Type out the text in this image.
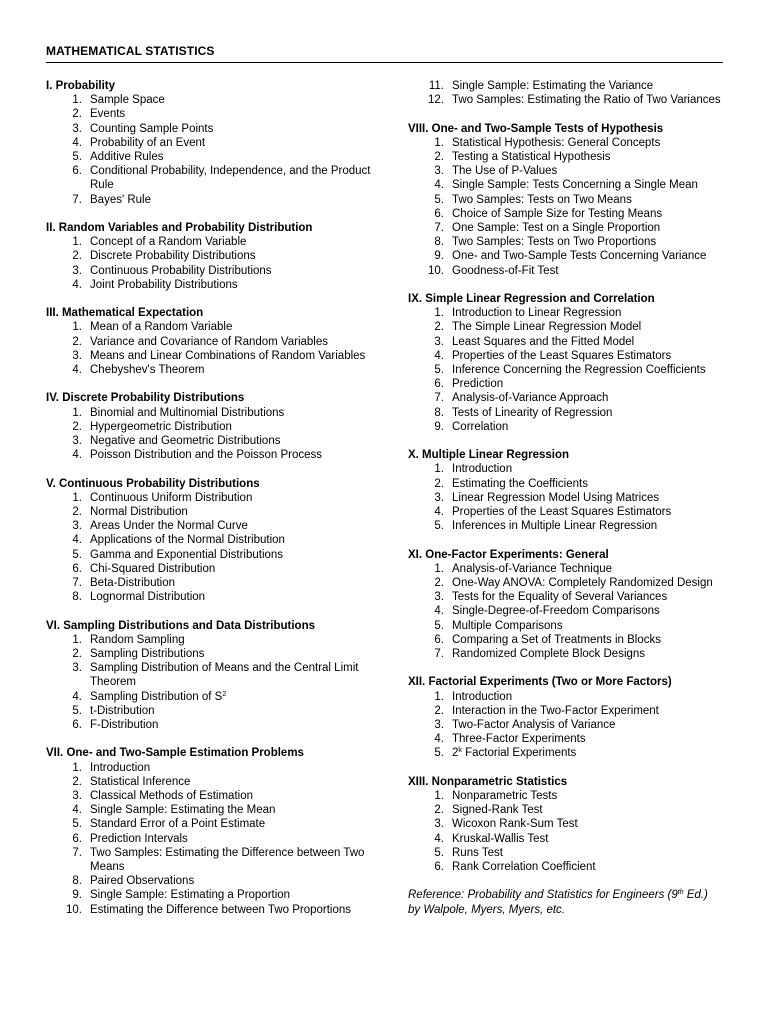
MATHEMATICAL STATISTICS
I. Probability
1. Sample Space
2. Events
3. Counting Sample Points
4. Probability of an Event
5. Additive Rules
6. Conditional Probability, Independence, and the Product Rule
7. Bayes' Rule
II. Random Variables and Probability Distribution
1. Concept of a Random Variable
2. Discrete Probability Distributions
3. Continuous Probability Distributions
4. Joint Probability Distributions
III. Mathematical Expectation
1. Mean of a Random Variable
2. Variance and Covariance of Random Variables
3. Means and Linear Combinations of Random Variables
4. Chebyshev's Theorem
IV. Discrete Probability Distributions
1. Binomial and Multinomial Distributions
2. Hypergeometric Distribution
3. Negative and Geometric Distributions
4. Poisson Distribution and the Poisson Process
V. Continuous Probability Distributions
1. Continuous Uniform Distribution
2. Normal Distribution
3. Areas Under the Normal Curve
4. Applications of the Normal Distribution
5. Gamma and Exponential Distributions
6. Chi-Squared Distribution
7. Beta-Distribution
8. Lognormal Distribution
VI. Sampling Distributions and Data Distributions
1. Random Sampling
2. Sampling Distributions
3. Sampling Distribution of Means and the Central Limit Theorem
4. Sampling Distribution of $S^2$
5. t-Distribution
6. F-Distribution
VII. One- and Two-Sample Estimation Problems
1. Introduction
2. Statistical Inference
3. Classical Methods of Estimation
4. Single Sample: Estimating the Mean
5. Standard Error of a Point Estimate
6. Prediction Intervals
7. Two Samples: Estimating the Difference between Two Means
8. Paired Observations
9. Single Sample: Estimating a Proportion
10. Estimating the Difference between Two Proportions
11. Single Sample: Estimating the Variance
12. Two Samples: Estimating the Ratio of Two Variances
VIII. One- and Two-Sample Tests of Hypothesis
1. Statistical Hypothesis: General Concepts
2. Testing a Statistical Hypothesis
3. The Use of P-Values
4. Single Sample: Tests Concerning a Single Mean
5. Two Samples: Tests on Two Means
6. Choice of Sample Size for Testing Means
7. One Sample: Test on a Single Proportion
8. Two Samples: Tests on Two Proportions
9. One- and Two-Sample Tests Concerning Variance
10. Goodness-of-Fit Test
IX. Simple Linear Regression and Correlation
1. Introduction to Linear Regression
2. The Simple Linear Regression Model
3. Least Squares and the Fitted Model
4. Properties of the Least Squares Estimators
5. Inference Concerning the Regression Coefficients
6. Prediction
7. Analysis-of-Variance Approach
8. Tests of Linearity of Regression
9. Correlation
X. Multiple Linear Regression
1. Introduction
2. Estimating the Coefficients
3. Linear Regression Model Using Matrices
4. Properties of the Least Squares Estimators
5. Inferences in Multiple Linear Regression
XI. One-Factor Experiments: General
1. Analysis-of-Variance Technique
2. One-Way ANOVA: Completely Randomized Design
3. Tests for the Equality of Several Variances
4. Single-Degree-of-Freedom Comparisons
5. Multiple Comparisons
6. Comparing a Set of Treatments in Blocks
7. Randomized Complete Block Designs
XII. Factorial Experiments (Two or More Factors)
1. Introduction
2. Interaction in the Two-Factor Experiment
3. Two-Factor Analysis of Variance
4. Three-Factor Experiments
5. 2$^k$ Factorial Experiments
XIII. Nonparametric Statistics
1. Nonparametric Tests
2. Signed-Rank Test
3. Wicoxon Rank-Sum Test
4. Kruskal-Wallis Test
5. Runs Test
6. Rank Correlation Coefficient
Reference: Probability and Statistics for Engineers (9th Ed.)
by Walpole, Myers, Myers, etc.
